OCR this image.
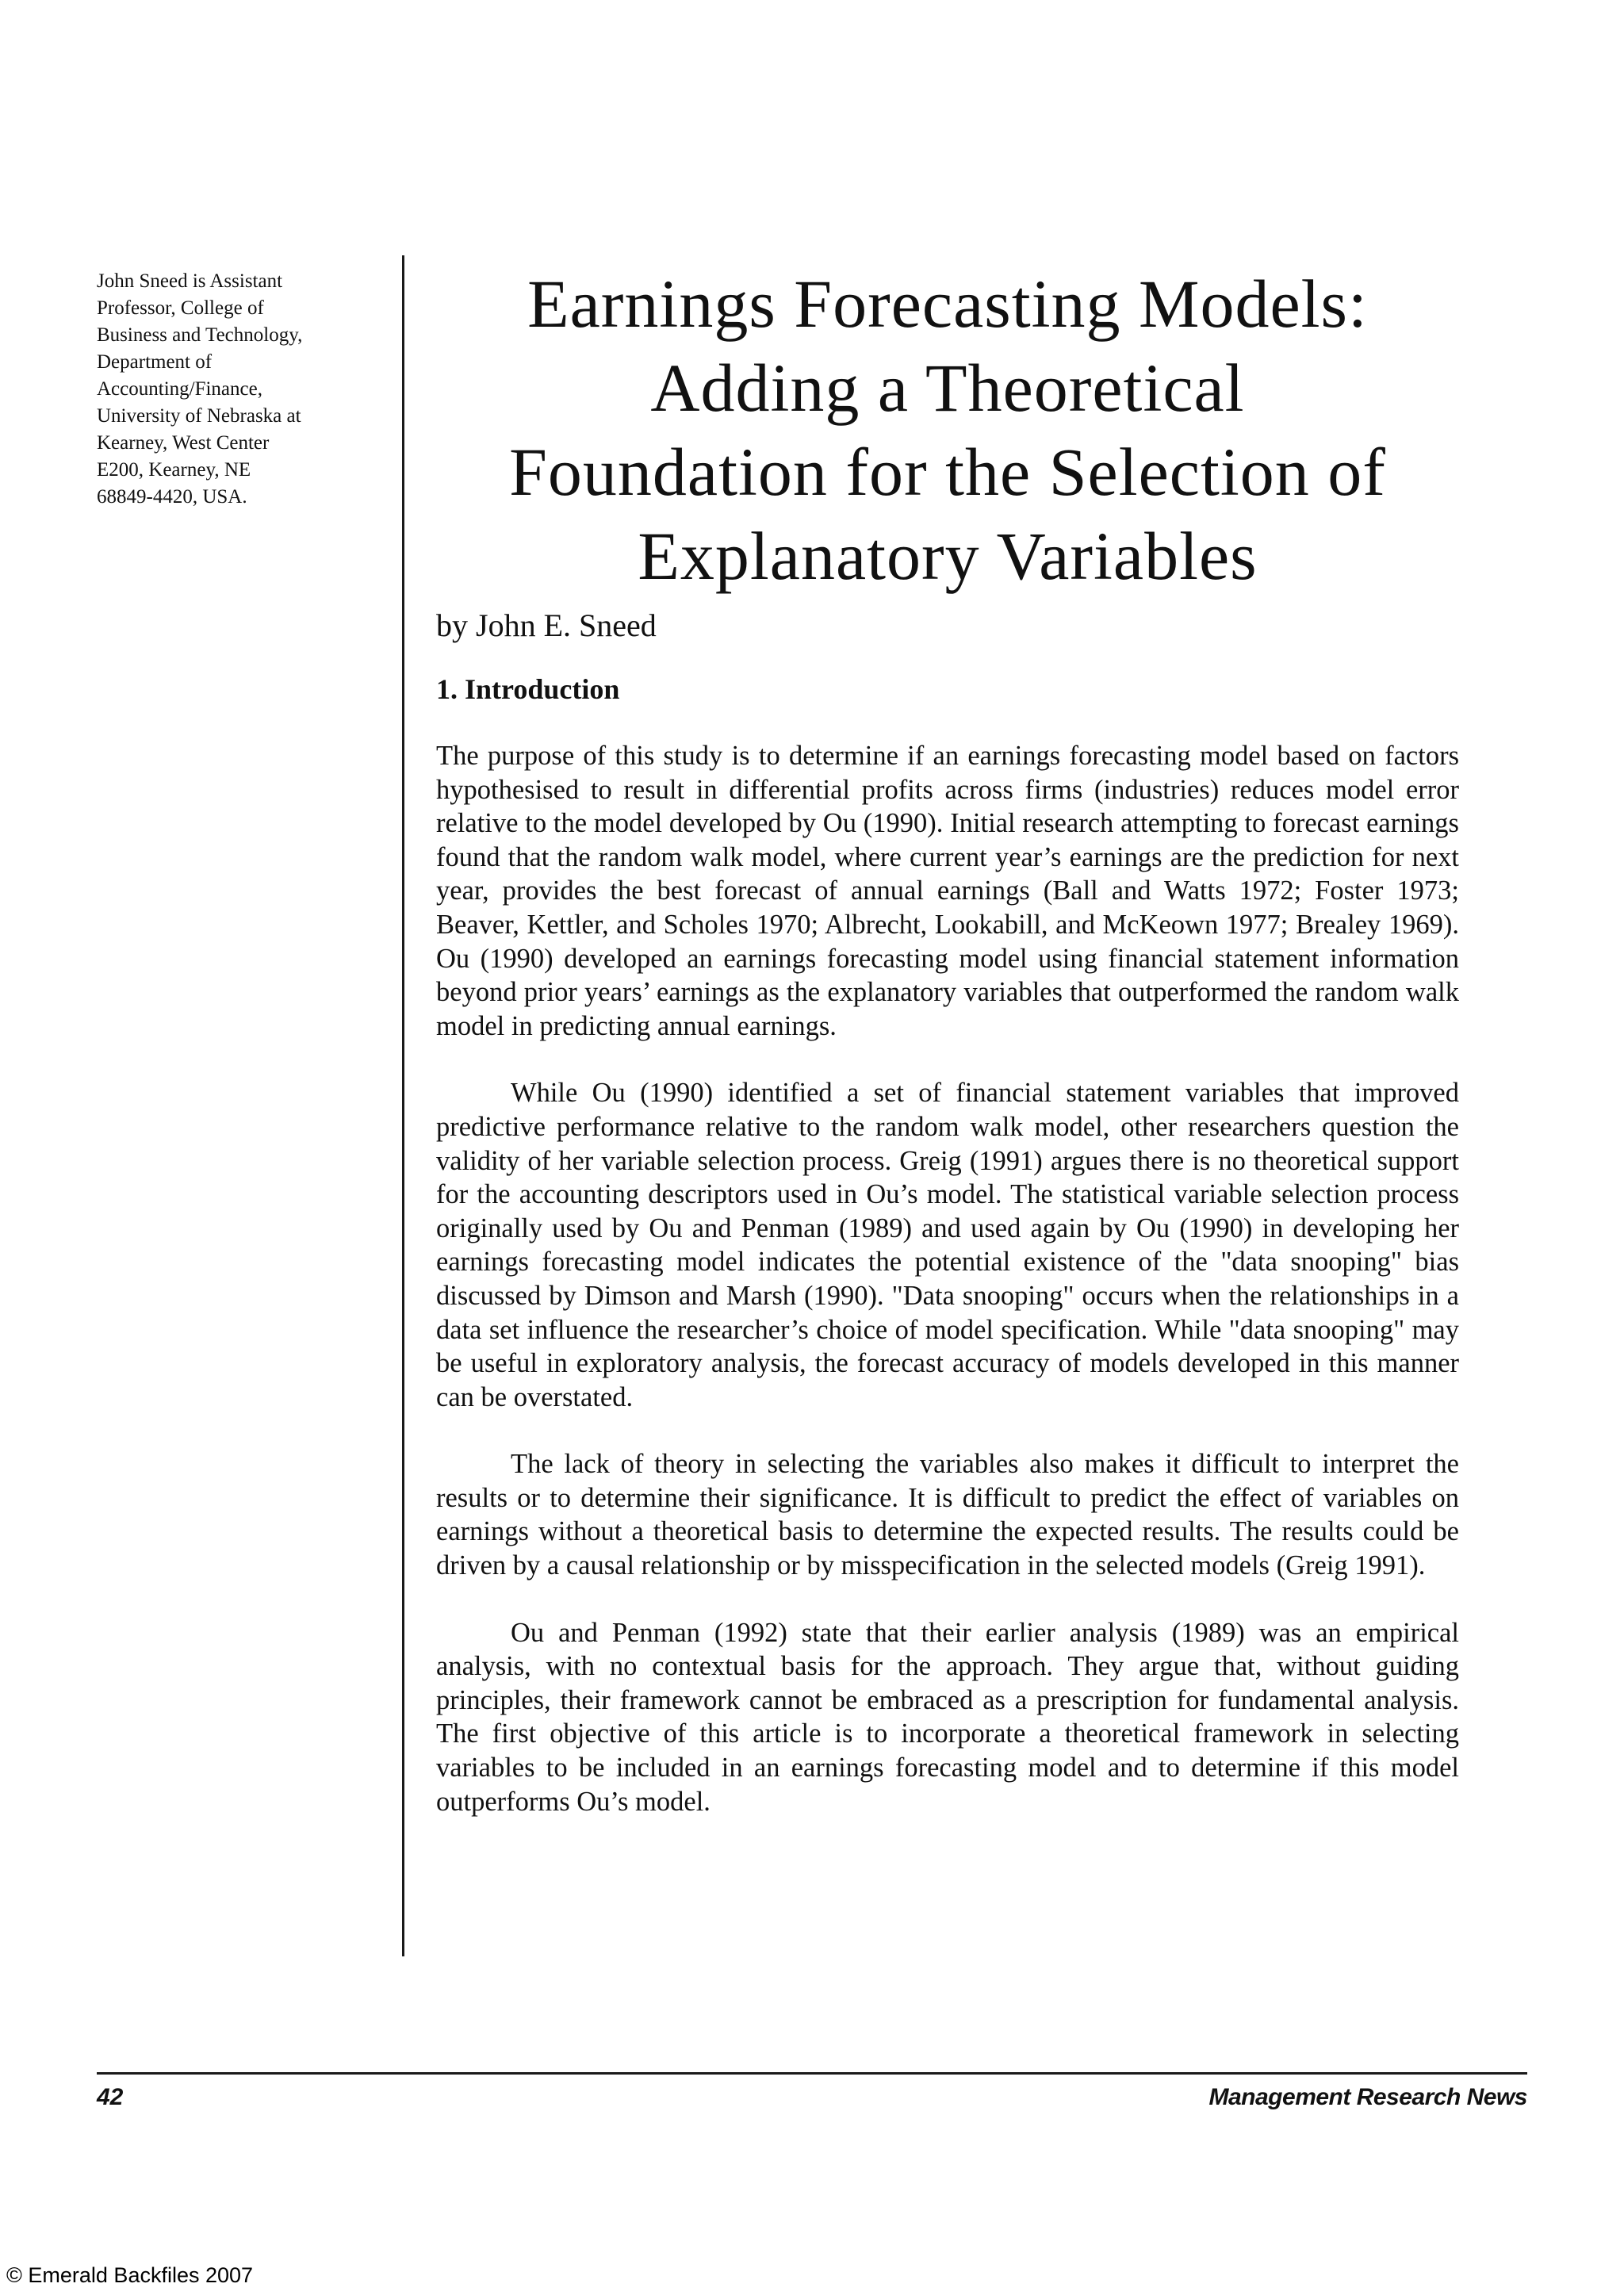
John Sneed is Assistant
Professor, College of
Business and Technology,
Department of
Accounting/Finance,
University of Nebraska at
Kearney, West Center
E200, Kearney, NE
68849-4420, USA.
Earnings Forecasting Models:
Adding a Theoretical
Foundation for the Selection of
Explanatory Variables
by John E. Sneed
1. Introduction

The purpose of this study is to determine if an earnings forecasting model based on factors hypothesised to result in differential profits across firms (industries) reduces model error relative to the model developed by Ou (1990). Initial research attempting to forecast earnings found that the random walk model, where current year’s earnings are the prediction for next year, provides the best forecast of annual earnings (Ball and Watts 1972; Foster 1973; Beaver, Kettler, and Scholes 1970; Albrecht, Lookabill, and McKeown 1977; Brealey 1969). Ou (1990) developed an earnings forecasting model using financial statement information beyond prior years’ earnings as the explanatory variables that outperformed the random walk model in predicting annual earnings.

While Ou (1990) identified a set of financial statement variables that improved predictive performance relative to the random walk model, other researchers question the validity of her variable selection process. Greig (1991) argues there is no theoretical support for the accounting descriptors used in Ou’s model. The statistical variable selection process originally used by Ou and Penman (1989) and used again by Ou (1990) in developing her earnings forecasting model indicates the potential existence of the "data snooping" bias discussed by Dimson and Marsh (1990). "Data snooping" occurs when the relationships in a data set influence the researcher’s choice of model specification. While "data snooping" may be useful in exploratory analysis, the forecast accuracy of models developed in this manner can be overstated.

The lack of theory in selecting the variables also makes it difficult to interpret the results or to determine their significance. It is difficult to predict the effect of variables on earnings without a theoretical basis to determine the expected results. The results could be driven by a causal relationship or by misspecification in the selected models (Greig 1991).

Ou and Penman (1992) state that their earlier analysis (1989) was an empirical analysis, with no contextual basis for the approach. They argue that, without guiding principles, their framework cannot be embraced as a prescription for fundamental analysis. The first objective of this article is to incorporate a theoretical framework in selecting variables to be included in an earnings forecasting model and to determine if this model outperforms Ou’s model.

42	Management Research News
© Emerald Backfiles 2007
